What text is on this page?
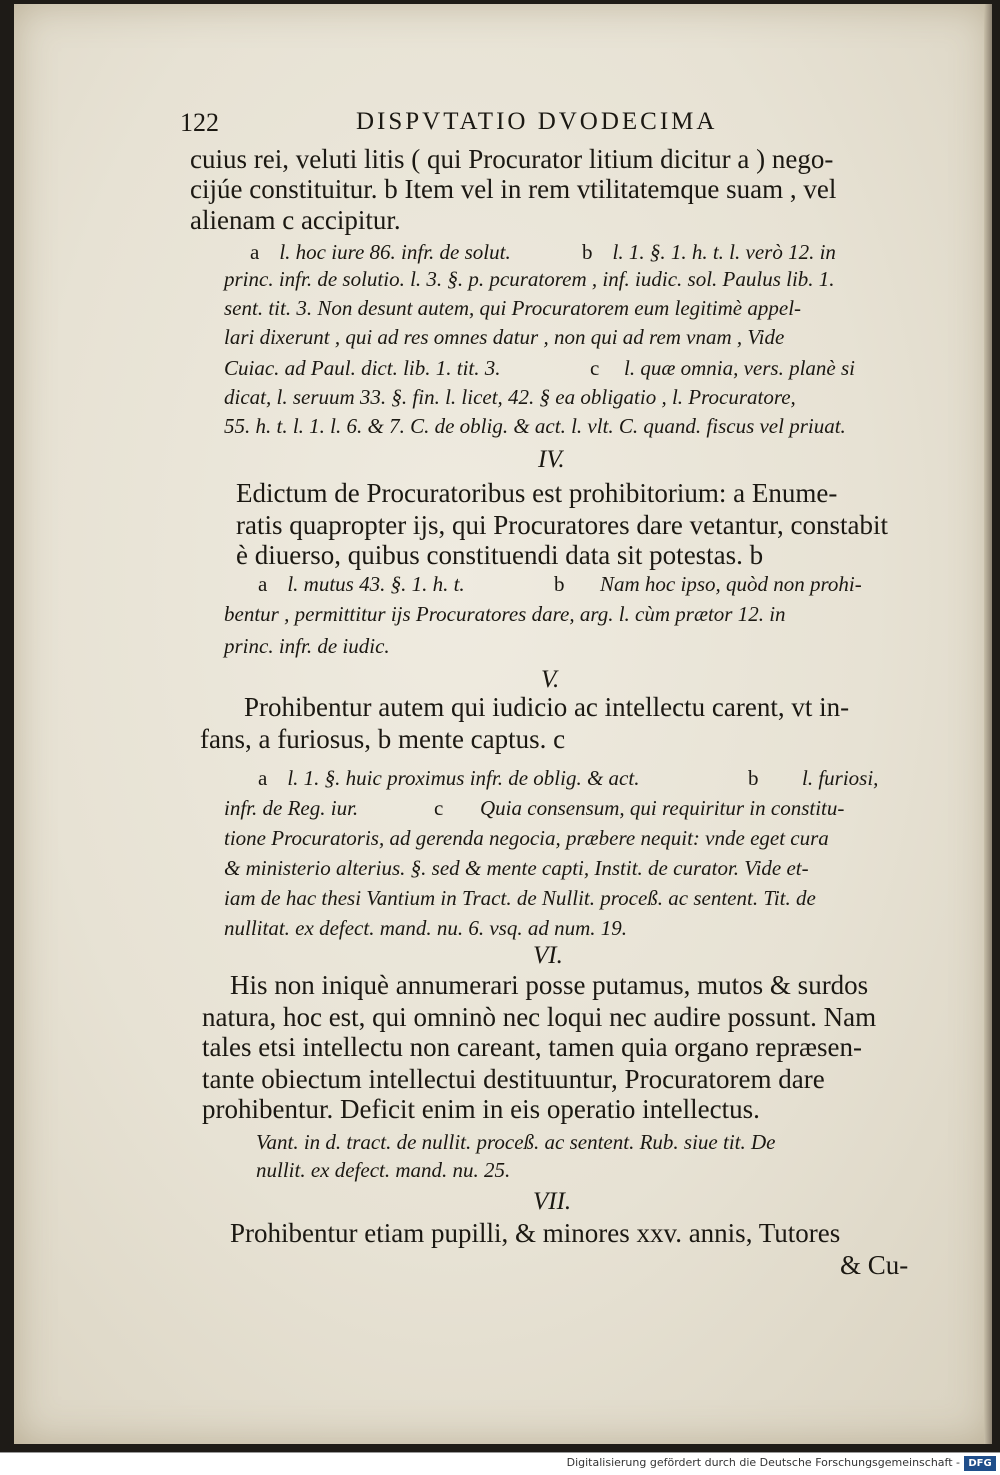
122	DISPVTATIO DVODECIMA
cuius rei, veluti litis ( qui Procurator litium dicitur a ) nego-
cijúe constituitur. b Item vel in rem vtilitatemque suam , vel
alienam c accipitur.
a l. hoc iure 86. infr. de solut.	b l. 1. §. 1. h. t. l. verò 12. in
princ. infr. de solutio. l. 3. §. p. pcuratorem , inf. iudic. sol. Paulus lib. 1.
sent. tit. 3. Non desunt autem, qui Procuratorem eum legitimè appel-
lari dixerunt , qui ad res omnes datur , non qui ad rem vnam , Vide
Cuiac. ad Paul. dict. lib. 1. tit. 3.
dicat, l. seruum 33. §. fin. l. licet, 42. § ea obligatio , l. Procuratore,
55. h. t. l. 1. l. 6. & 7. C. de oblig. & act. l. vlt. C. quand. fiscus vel priuat.
IV.
Edictum de Procuratoribus est prohibitorium: a Enume-
ratis quapropter ijs, qui Procuratores dare vetantur, constabit
è diuerso, quibus constituendi data sit potestas. b
a l. mutus 43. §. 1. h. t.
bentur , permittitur ijs Procuratores dare, arg. l. cùm prætor 12. in
princ. infr. de iudic.
V.
Prohibentur autem qui iudicio ac intellectu carent, vt in-
fans, a furiosus, b mente captus. c
a l. 1. §. huic proximus infr. de oblig. & act.
infr. de Reg. iur.
tione Procuratoris, ad gerenda negocia, præbere nequit: vnde eget cura
& ministerio alterius. §. sed & mente capti, Instit. de curator. Vide et-
iam de hac thesi Vantium in Tract. de Nullit. proceß. ac sentent. Tit. de
nullitat. ex defect. mand. nu. 6. vsq. ad num. 19.
VI.
His non iniquè annumerari posse putamus, mutos & surdos
natura, hoc est, qui omninò nec loqui nec audire possunt. Nam
tales etsi intellectu non careant, tamen quia organo repræsen-
tante obiectum intellectui destituuntur, Procuratorem dare
prohibentur. Deficit enim in eis operatio intellectus.
Vant. in d. tract. de nullit. proceß. ac sentent. Rub. siue tit. De
nullit. ex defect. mand. nu. 25.
VII.
Prohibentur etiam pupilli, & minores xxv. annis, Tutores
& Cu-
c l. quæ omnia, vers. planè si
b Nam hoc ipso, quòd non prohi-
b l. furiosi,
c Quia consensum, qui requiritur in constitu-
Digitalisierung gefördert durch die Deutsche Forschungsgemeinschaft - DFG
